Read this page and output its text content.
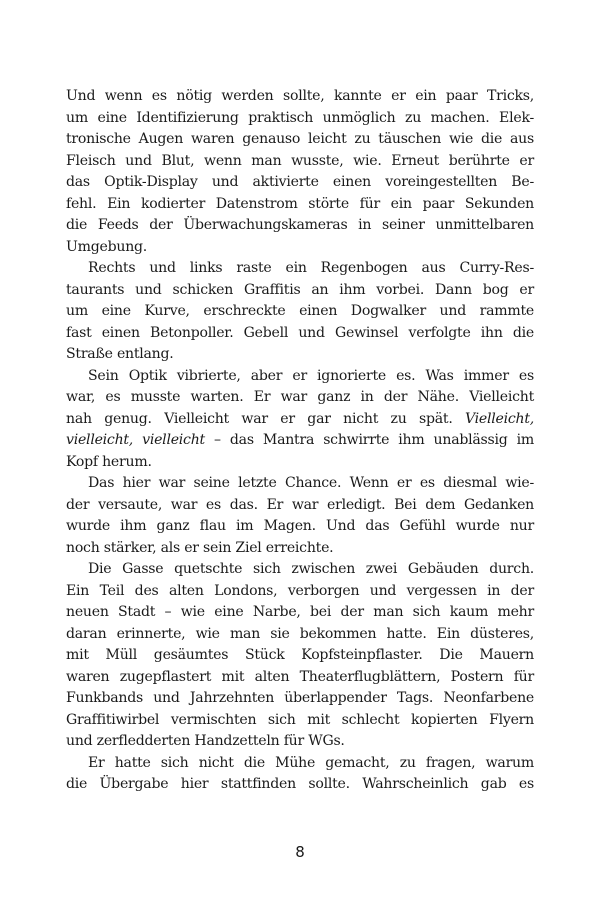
Und wenn es nötig werden sollte, kannte er ein paar Tricks,
um eine Identifizierung praktisch unmöglich zu machen. Elek-
tronische Augen waren genauso leicht zu täuschen wie die aus
Fleisch und Blut, wenn man wusste, wie. Erneut berührte er
das Optik-Display und aktivierte einen voreingestellten Be-
fehl. Ein kodierter Datenstrom störte für ein paar Sekunden
die Feeds der Überwachungskameras in seiner unmittelbaren
Umgebung.
Rechts und links raste ein Regenbogen aus Curry-Res-
taurants und schicken Graffitis an ihm vorbei. Dann bog er
um eine Kurve, erschreckte einen Dogwalker und rammte
fast einen Betonpoller. Gebell und Gewinsel verfolgte ihn die
Straße entlang.
Sein Optik vibrierte, aber er ignorierte es. Was immer es
war, es musste warten. Er war ganz in der Nähe. Vielleicht
nah genug. Vielleicht war er gar nicht zu spät. Vielleicht,
vielleicht, vielleicht – das Mantra schwirrte ihm unablässig im
Kopf herum.
Das hier war seine letzte Chance. Wenn er es diesmal wie-
der versaute, war es das. Er war erledigt. Bei dem Gedanken
wurde ihm ganz flau im Magen. Und das Gefühl wurde nur
noch stärker, als er sein Ziel erreichte.
Die Gasse quetschte sich zwischen zwei Gebäuden durch.
Ein Teil des alten Londons, verborgen und vergessen in der
neuen Stadt – wie eine Narbe, bei der man sich kaum mehr
daran erinnerte, wie man sie bekommen hatte. Ein düsteres,
mit Müll gesäumtes Stück Kopfsteinpflaster. Die Mauern
waren zugepflastert mit alten Theaterflugblättern, Postern für
Funkbands und Jahrzehnten überlappender Tags. Neonfarbene
Graffitiwirbel vermischten sich mit schlecht kopierten Flyern
und zerfledderten Handzetteln für WGs.
Er hatte sich nicht die Mühe gemacht, zu fragen, warum
die Übergabe hier stattfinden sollte. Wahrscheinlich gab es
8
